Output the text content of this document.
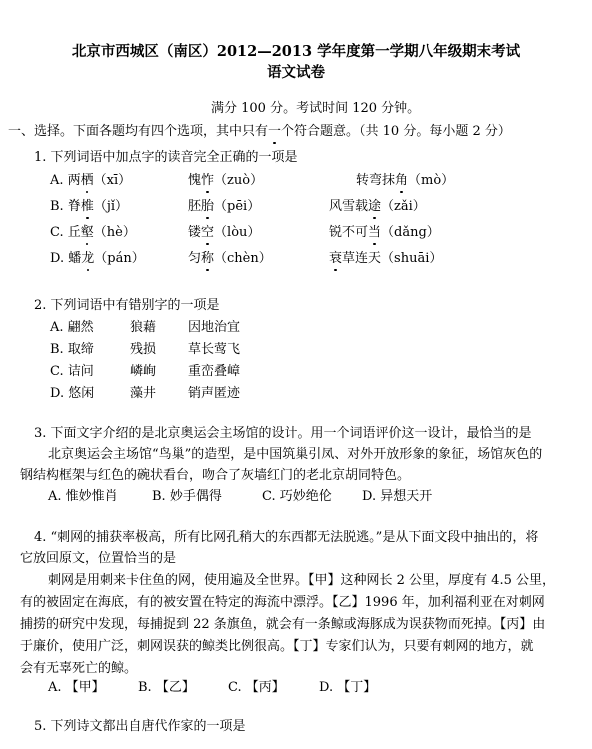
北京市西城区（南区）2012—2013 学年度第一学期八年级期末考试
语文试卷
满分 100 分。考试时间 120 分钟。
一、选择。下面各题均有四个选项，其中只有一个符合题意。（共 10 分。每小题 2 分）
1. 下列词语中加点字的读音完全正确的一项是
A. 两栖（xī）	愧怍（zuò）	转弯抹角（mò）
B. 脊椎（jǐ）	胚胎（pēi）	风雪载途（zǎi）
C. 丘壑（hè）	镂空（lòu）	锐不可当（dǎng）
D. 蟠龙（pán）	匀称（chèn）	衰草连天（shuāi）
2. 下列词语中有错别字的一项是
A. 翩然	狼藉 因地治宜
B. 取缔	残损 草长莺飞
C. 诘问	嶙峋 重峦叠嶂
D. 悠闲	藻井 销声匿迹
3. 下面文字介绍的是北京奥运会主场馆的设计。用一个词语评价这一设计，最恰当的是
北京奥运会主场馆“鸟巢”的造型，是中国筑巢引凤、对外开放形象的象征，场馆灰色的
钢结构框架与红色的碗状看台，吻合了灰墙红门的老北京胡同特色。
A. 惟妙惟肖	B. 妙手偶得	C. 巧妙绝伦 D. 异想天开
4. “刺网的捕获率极高，所有比网孔稍大的东西都无法脱逃。”是从下面文段中抽出的，将
它放回原文，位置恰当的是
刺网是用刺来卡住鱼的网，使用遍及全世界。【甲】这种网长 2 公里，厚度有 4.5 公里，
有的被固定在海底，有的被安置在特定的海流中漂浮。【乙】1996 年，加利福利亚在对刺网
捕捞的研究中发现，每捕捉到 22 条旗鱼，就会有一条鲸或海豚成为误获物而死掉。【丙】由
于廉价，使用广泛，刺网误获的鲸类比例很高。【丁】专家们认为，只要有刺网的地方，就
会有无辜死亡的鲸。
A. 【甲】	B. 【乙】	C. 【丙】	D. 【丁】
5. 下列诗文都出自唐代作家的一项是
